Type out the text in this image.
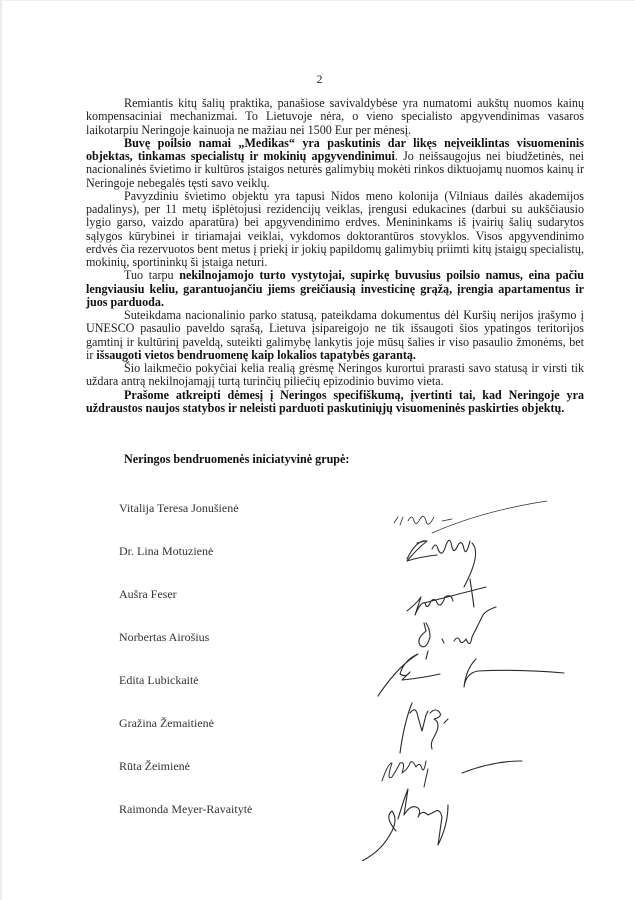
2

Remiantis kitų šalių praktika, panašiose savivaldybėse yra numatomi aukštų nuomos kainų kompensaciniai mechanizmai. To Lietuvoje nėra, o vieno specialisto apgyvendinimas vasaros laikotarpiu Neringoje kainuoja ne mažiau nei 1500 Eur per mėnesį.

Buvę poilsio namai „Medikas“ yra paskutinis dar likęs neįveiklintas visuomeninis objektas, tinkamas specialistų ir mokinių apgyvendinimui. Jo neišsaugojus nei biudžetinės, nei nacionalinės švietimo ir kultūros įstaigos neturės galimybių mokėti rinkos diktuojamų nuomos kainų ir Neringoje nebegalės tęsti savo veiklų.

Pavyzdiniu švietimo objektu yra tapusi Nidos meno kolonija (Vilniaus dailės akademijos padalinys), per 11 metų išplėtojusi rezidencijų veiklas, įrengusi edukacines (darbui su aukščiausio lygio garso, vaizdo aparatūra) bei apgyvendinimo erdves. Menininkams iš įvairių šalių sudarytos sąlygos kūrybinei ir tiriamajai veiklai, vykdomos doktorantūros stovyklos. Visos apgyvendinimo erdvės čia rezervuotos bent metus į priekį ir jokių papildomų galimybių priimti kitų įstaigų specialistų, mokinių, sportininkų ši įstaiga neturi.

Tuo tarpu nekilnojamojo turto vystytojai, supirkę buvusius poilsio namus, eina pačiu lengviausiu keliu, garantuojančiu jiems greičiausią investicinę grąžą, įrengia apartamentus ir juos parduoda.

Suteikdama nacionalinio parko statusą, pateikdama dokumentus dėl Kuršių nerijos įrašymo į UNESCO pasaulio paveldo sąrašą, Lietuva įsipareigojo ne tik išsaugoti šios ypatingos teritorijos gamtinį ir kultūrinį paveldą, suteikti galimybę lankytis joje mūsų šalies ir viso pasaulio žmonėms, bet ir išsaugoti vietos bendruomenę kaip lokalios tapatybės garantą.

Šio laikmečio pokyčiai kelia realią grėsmę Neringos kurortui prarasti savo statusą ir virsti tik uždara antrą nekilnojamąjį turtą turinčių piliečių epizodinio buvimo vieta.

Prašome atkreipti dėmesį į Neringos specifiškumą, įvertinti tai, kad Neringoje yra uždraustos naujos statybos ir neleisti parduoti paskutiniųjų visuomeninės paskirties objektų.

Neringos bendruomenės iniciatyvinė grupė:
Vitalija Teresa Jonušienė
Dr. Lina Motuzienė
Aušra Feser
Norbertas Airošius
Edita Lubickaitė
Gražina Žemaitienė
Rūta Žeimienė
Raimonda Meyer-Ravaitytė
